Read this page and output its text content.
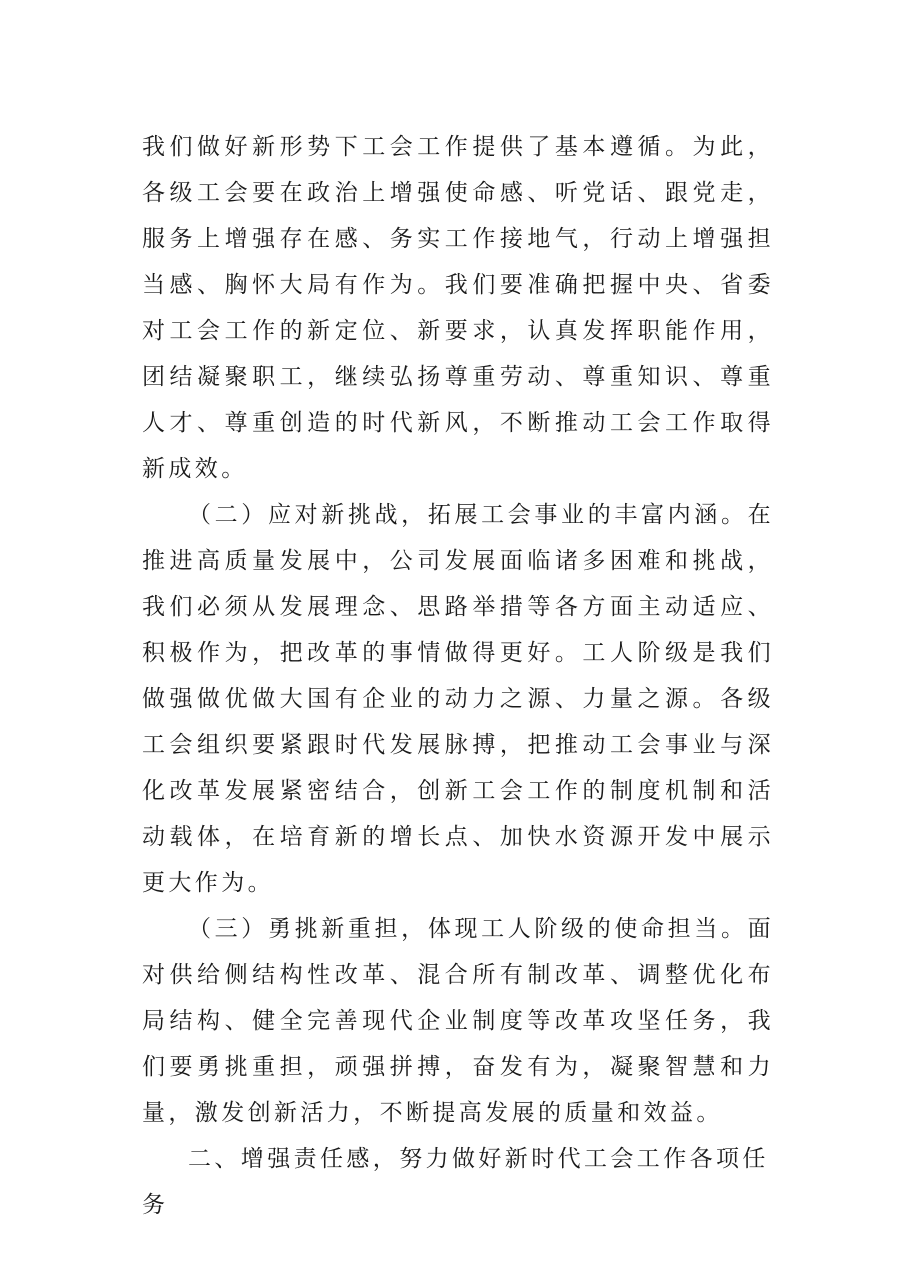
我们做好新形势下工会工作提供了基本遵循。为此，各级工会要在政治上增强使命感、听党话、跟党走，服务上增强存在感、务实工作接地气，行动上增强担当感、胸怀大局有作为。我们要准确把握中央、省委对工会工作的新定位、新要求，认真发挥职能作用，团结凝聚职工，继续弘扬尊重劳动、尊重知识、尊重人才、尊重创造的时代新风，不断推动工会工作取得新成效。

（二）应对新挑战，拓展工会事业的丰富内涵。在推进高质量发展中，公司发展面临诸多困难和挑战，我们必须从发展理念、思路举措等各方面主动适应、积极作为，把改革的事情做得更好。工人阶级是我们做强做优做大国有企业的动力之源、力量之源。各级工会组织要紧跟时代发展脉搏，把推动工会事业与深化改革发展紧密结合，创新工会工作的制度机制和活动载体，在培育新的增长点、加快水资源开发中展示更大作为。

（三）勇挑新重担，体现工人阶级的使命担当。面对供给侧结构性改革、混合所有制改革、调整优化布局结构、健全完善现代企业制度等改革攻坚任务，我们要勇挑重担，顽强拼搏，奋发有为，凝聚智慧和力量，激发创新活力，不断提高发展的质量和效益。

二、增强责任感，努力做好新时代工会工作各项任务
